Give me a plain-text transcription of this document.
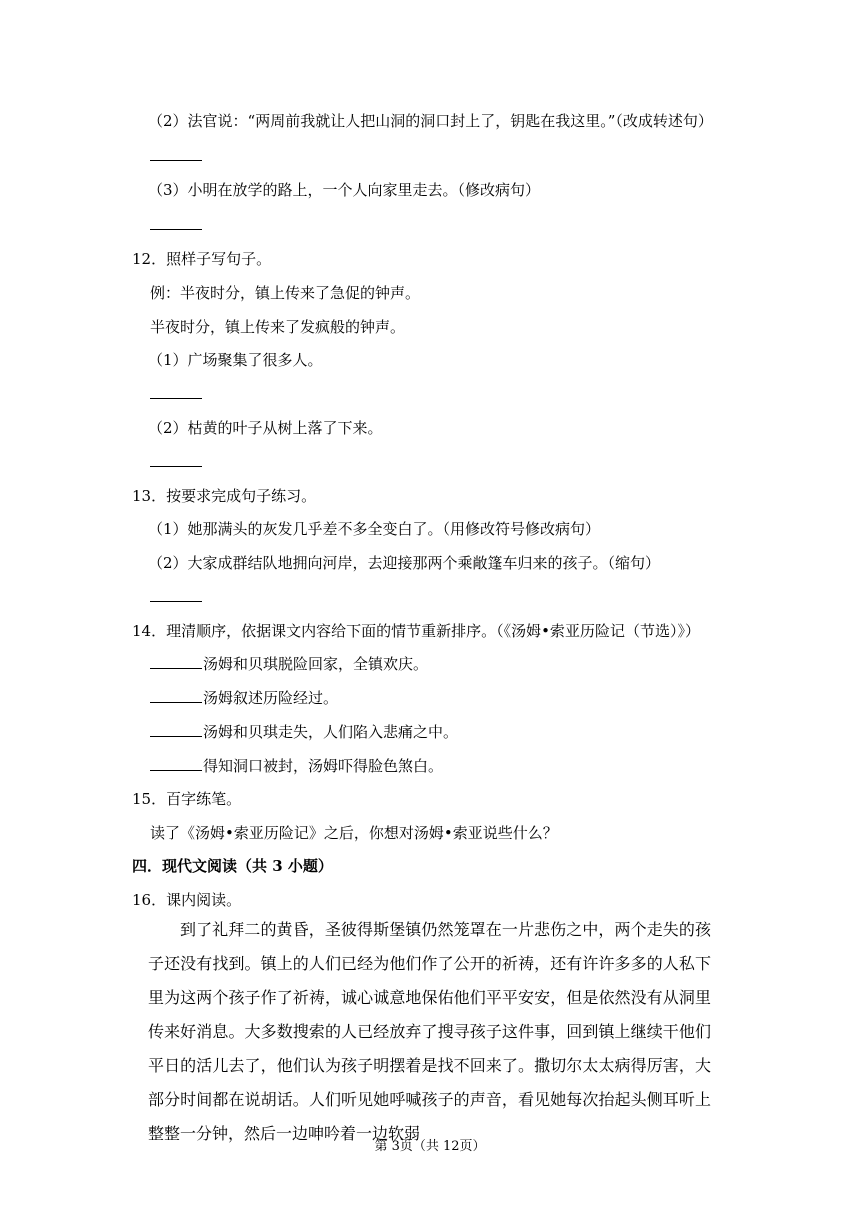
（2）法官说：“两周前我就让人把山洞的洞口封上了，钥匙在我这里。”（改成转述句）
（3）小明在放学的路上，一个人向家里走去。（修改病句）
12．照样子写句子。
例：半夜时分，镇上传来了急促的钟声。
半夜时分，镇上传来了发疯般的钟声。
（1）广场聚集了很多人。
（2）枯黄的叶子从树上落了下来。
13．按要求完成句子练习。
（1）她那满头的灰发几乎差不多全变白了。（用修改符号修改病句）
（2）大家成群结队地拥向河岸，去迎接那两个乘敞篷车归来的孩子。（缩句）
14．理清顺序，依据课文内容给下面的情节重新排序。（《汤姆•索亚历险记（节选）》）
汤姆和贝琪脱险回家，全镇欢庆。
汤姆叙述历险经过。
汤姆和贝琪走失，人们陷入悲痛之中。
得知洞口被封，汤姆吓得脸色煞白。
15．百字练笔。
读了《汤姆•索亚历险记》之后，你想对汤姆•索亚说些什么？
四．现代文阅读（共 3 小题）
16．课内阅读。
到了礼拜二的黄昏，圣彼得斯堡镇仍然笼罩在一片悲伤之中，两个走失的孩子还没有找到。镇上的人们已经为他们作了公开的祈祷，还有许许多多的人私下里为这两个孩子作了祈祷，诚心诚意地保佑他们平平安安，但是依然没有从洞里传来好消息。大多数搜索的人已经放弃了搜寻孩子这件事，回到镇上继续干他们平日的活儿去了，他们认为孩子明摆着是找不回来了。撒切尔太太病得厉害，大部分时间都在说胡话。人们听见她呼喊孩子的声音，看见她每次抬起头侧耳听上整整一分钟，然后一边呻吟着一边软弱
第 3页（共 12页）
